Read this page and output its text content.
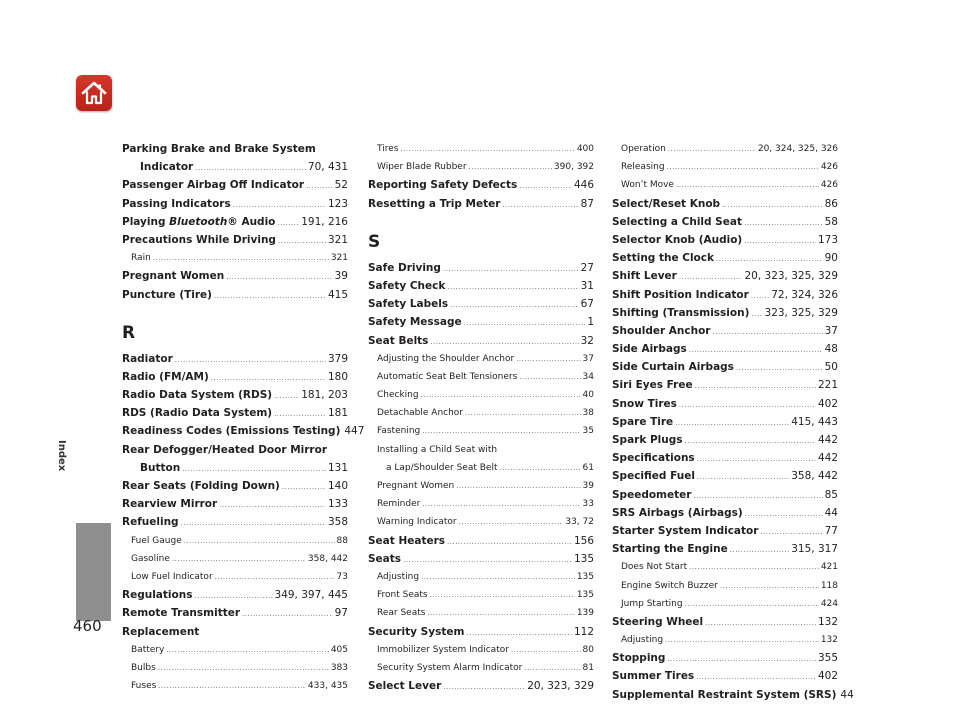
Index
460
Parking Brake and Brake System
Indicator .....	70, 431
Passenger Airbag Off Indicator .....	52
Passing Indicators .....	123
Playing Bluetooth® Audio ..... 191, 216
Precautions While Driving .....	321
Rain .....	321
Pregnant Women .....	39
Puncture (Tire) .....	415
R
Radiator .....	379
Radio (FM/AM) .....	180
Radio Data System (RDS) .....	181, 203
RDS (Radio Data System) .....	181
Readiness Codes (Emissions Testing) 447
Rear Defogger/Heated Door Mirror
Button .....	131
Rear Seats (Folding Down) .....	140
Rearview Mirror .....	133
Refueling .....	358
Fuel Gauge .....	88
Gasoline .....	358, 442
Low Fuel Indicator .....	73
Regulations .....	349, 397, 445
Remote Transmitter .....	97
Replacement
Battery .....	405
Bulbs .....	383
Fuses .....	433, 435
Tires .....	400
Wiper Blade Rubber .....	390, 392
Reporting Safety Defects .....	446
Resetting a Trip Meter .....	87
S
Safe Driving .....	27
Safety Check .....	31
Safety Labels .....	67
Safety Message .....	1
Seat Belts .....	32
Adjusting the Shoulder Anchor .....	37
Automatic Seat Belt Tensioners .....	34
Checking .....	40
Detachable Anchor .....	38
Fastening .....	35
Installing a Child Seat with
a Lap/Shoulder Seat Belt .....	61
Pregnant Women .....	39
Reminder .....	33
Warning Indicator .....	33, 72
Seat Heaters .....	156
Seats .....	135
Adjusting .....	135
Front Seats .....	135
Rear Seats .....	139
Security System .....	112
Immobilizer System Indicator .....	80
Security System Alarm Indicator .....	81
Select Lever .....	20, 323, 329
Operation .....	20, 324, 325, 326
Releasing .....	426
Won’t Move .....	426
Select/Reset Knob .....	86
Selecting a Child Seat .....	58
Selector Knob (Audio) .....	173
Setting the Clock .....	90
Shift Lever .....	20, 323, 325, 329
Shift Position Indicator ..... 72, 324, 326
Shifting (Transmission) ..... 323, 325, 329
Shoulder Anchor .....	37
Side Airbags .....	48
Side Curtain Airbags .....	50
Siri Eyes Free .....	221
Snow Tires .....	402
Spare Tire .....	415, 443
Spark Plugs .....	442
Specifications .....	442
Specified Fuel .....	358, 442
Speedometer .....	85
SRS Airbags (Airbags) .....	44
Starter System Indicator .....	77
Starting the Engine .....	315, 317
Does Not Start .....	421
Engine Switch Buzzer .....	118
Jump Starting .....	424
Steering Wheel .....	132
Adjusting .....	132
Stopping .....	355
Summer Tires .....	402
Supplemental Restraint System (SRS) 44
